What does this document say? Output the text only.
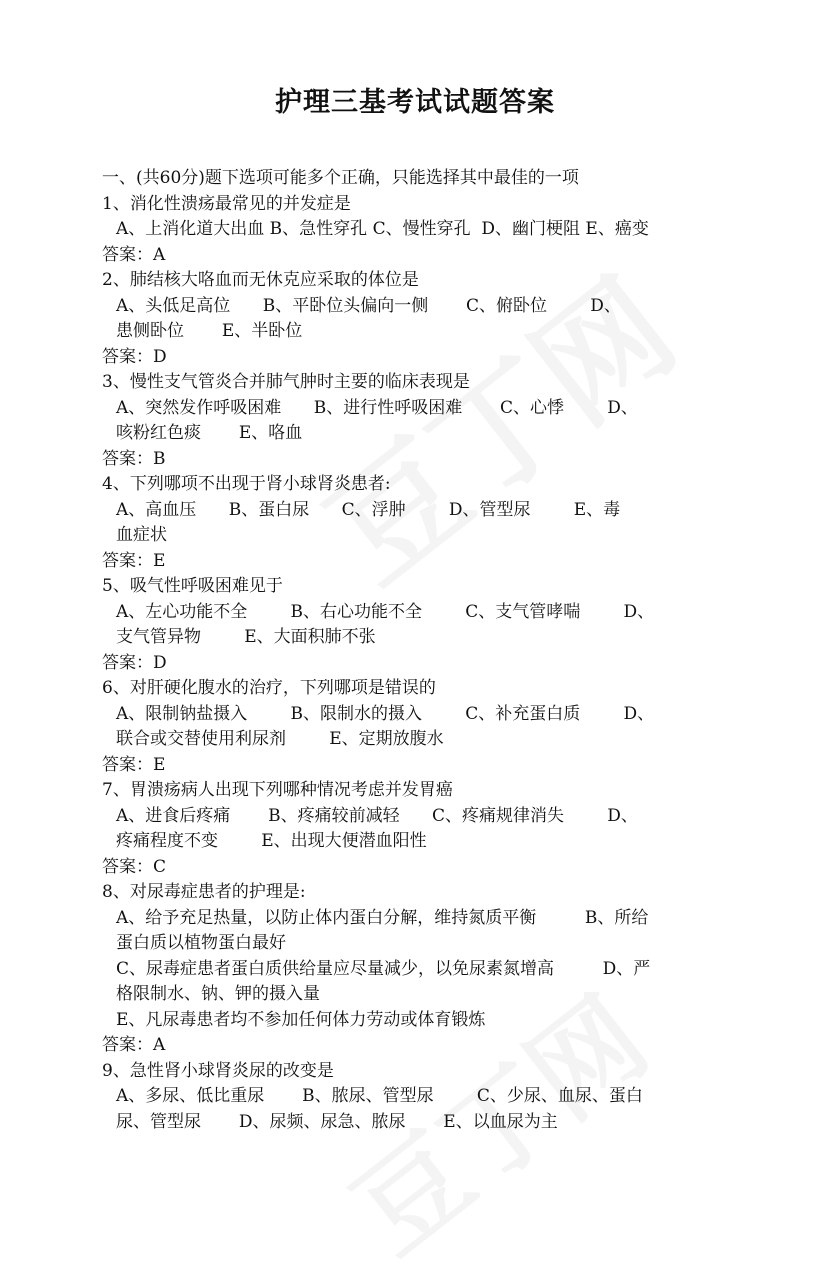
护理三基考试试题答案
一、(共60分)题下选项可能多个正确，只能选择其中最佳的一项
1、消化性溃疡最常见的并发症是
A、上消化道大出血 B、急性穿孔 C、慢性穿孔  D、幽门梗阻 E、癌变
答案：A
2、肺结核大咯血而无休克应采取的体位是
A、头低足高位      B、平卧位头偏向一侧       C、俯卧位        D、
患侧卧位       E、半卧位
答案：D
3、慢性支气管炎合并肺气肿时主要的临床表现是
A、突然发作呼吸困难      B、进行性呼吸困难       C、心悸        D、
咳粉红色痰       E、咯血
答案：B
4、下列哪项不出现于肾小球肾炎患者:
A、高血压      B、蛋白尿      C、浮肿        D、管型尿        E、毒
血症状
答案：E
5、吸气性呼吸困难见于
A、左心功能不全        B、右心功能不全        C、支气管哮喘        D、
支气管异物        E、大面积肺不张
答案：D
6、对肝硬化腹水的治疗，下列哪项是错误的
A、限制钠盐摄入        B、限制水的摄入        C、补充蛋白质        D、
联合或交替使用利尿剂        E、定期放腹水
答案：E
7、胃溃疡病人出现下列哪种情况考虑并发胃癌
A、进食后疼痛       B、疼痛较前减轻      C、疼痛规律消失        D、
疼痛程度不变        E、出现大便潜血阳性
答案：C
8、对尿毒症患者的护理是:
A、给予充足热量，以防止体内蛋白分解，维持氮质平衡         B、所给
蛋白质以植物蛋白最好
C、尿毒症患者蛋白质供给量应尽量减少，以免尿素氮增高         D、严
格限制水、钠、钾的摄入量
E、凡尿毒患者均不参加任何体力劳动或体育锻炼
答案：A
9、急性肾小球肾炎尿的改变是
A、多尿、低比重尿       B、脓尿、管型尿        C、少尿、血尿、蛋白
尿、管型尿       D、尿频、尿急、脓尿       E、以血尿为主
